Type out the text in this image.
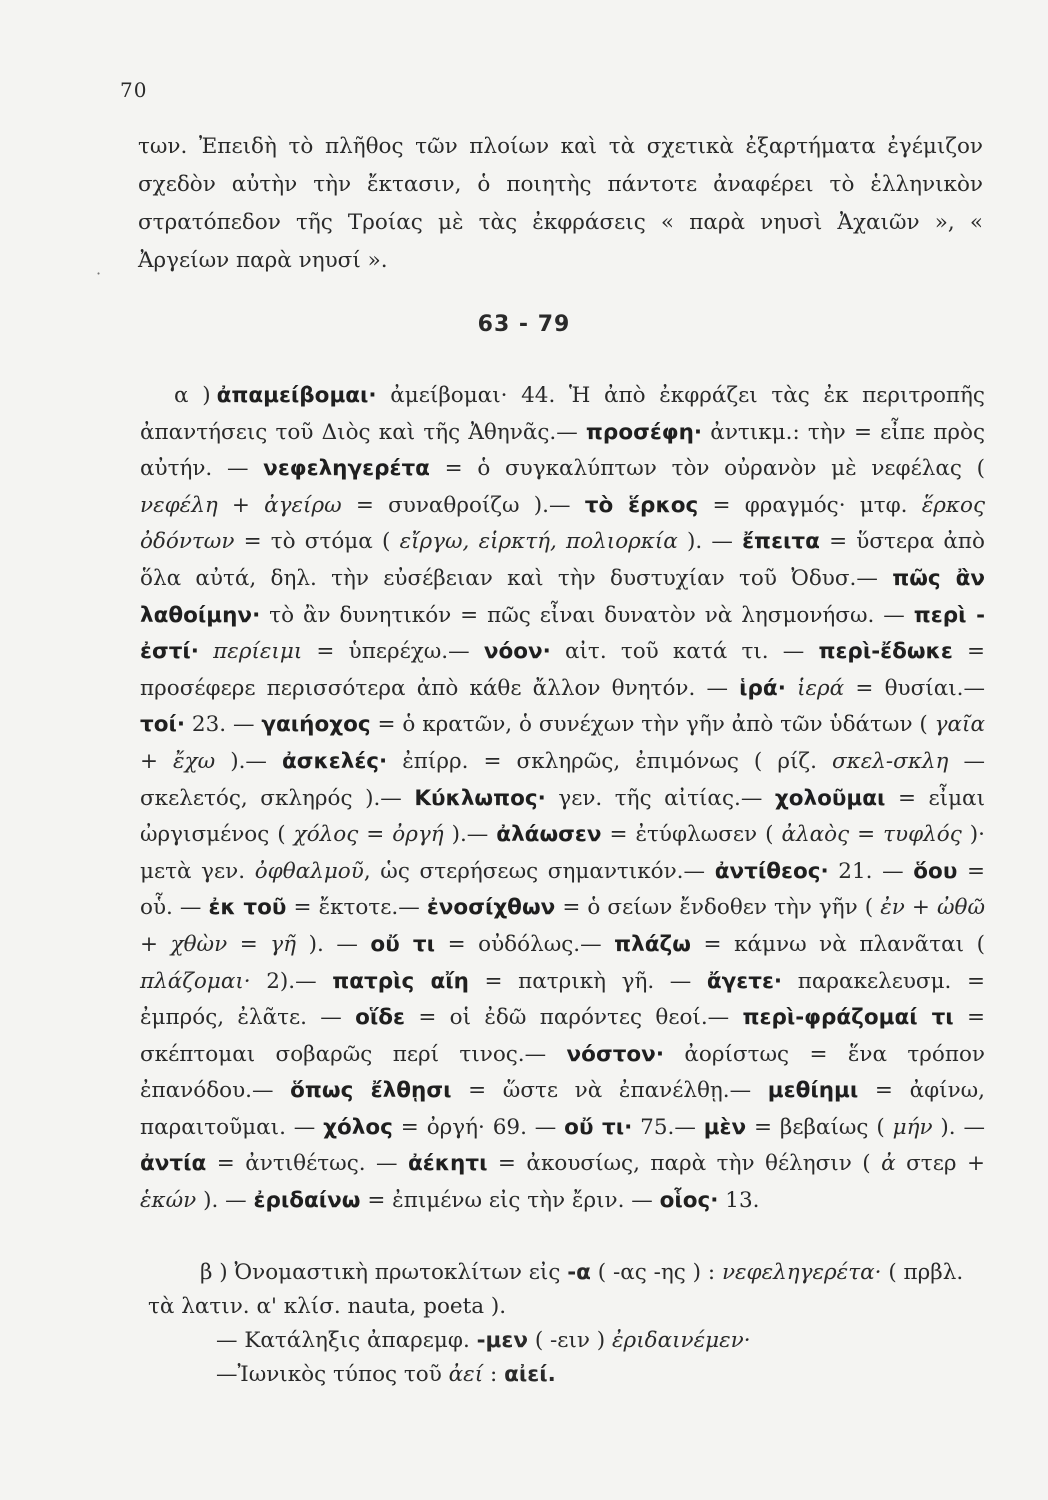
70
·

των. Ἐπειδὴ τὸ πλῆθος τῶν πλοίων καὶ τὰ σχετικὰ ἐξαρτήματα ἐγέμιζον σχεδὸν αὐτὴν τὴν ἔκτασιν, ὁ ποιητὴς πάντοτε ἀναφέρει τὸ ἑλληνικὸν στρατόπεδον τῆς Τροίας μὲ τὰς ἐκφράσεις « παρὰ νηυσὶ Ἀχαιῶν », « Ἀργείων παρὰ νηυσί ».

63 - 79

α ) ἀπαμείβομαι· ἀμείβομαι· 44. Ἡ ἀπὸ ἐκφράζει τὰς ἐκ περιτροπῆς ἀπαντήσεις τοῦ Διὸς καὶ τῆς Ἀθηνᾶς.— προσέφη· ἀντικμ.: τὴν = εἶπε πρὸς αὐτήν. — νεφεληγερέτα = ὁ συγκαλύπτων τὸν οὐρανὸν μὲ νεφέλας ( νεφέλη + ἀγείρω = συναθροίζω ).— τὸ ἕρκος = φραγμός· μτφ. ἕρκος ὀδόντων = τὸ στόμα ( εἴργω, εἱρκτή, πολιορκία ). — ἔπειτα = ὕστερα ἀπὸ ὅλα αὐτά, δηλ. τὴν εὐσέβειαν καὶ τὴν δυστυχίαν τοῦ Ὀδυσ.— πῶς ἂν λαθοίμην· τὸ ἂν δυνητικόν = πῶς εἶναι δυνατὸν νὰ λησμονήσω. — περὶ - ἐστί· περίειμι = ὑπερέχω.— νόον· αἰτ. τοῦ κατά τι. — περὶ-ἔδωκε = προσέφερε περισσότερα ἀπὸ κάθε ἄλλον θνητόν. — ἱρά· ἱερά = θυσίαι.— τοί· 23. — γαιήοχος = ὁ κρατῶν, ὁ συνέχων τὴν γῆν ἀπὸ τῶν ὑδάτων ( γαῖα + ἔχω ).— ἀσκελές· ἐπίρρ. = σκληρῶς, ἐπιμόνως ( ρίζ. σκελ-σκλη — σκελετός, σκληρός ).— Κύκλωπος· γεν. τῆς αἰτίας.— χολοῦμαι = εἶμαι ὠργισμένος ( χόλος = ὀργή ).— ἀλάωσεν = ἐτύφλωσεν ( ἀλαὸς = τυφλός )· μετὰ γεν. ὀφθαλμοῦ, ὡς στερήσεως σημαντικόν.— ἀντίθεος· 21. — ὅου = οὗ. — ἐκ τοῦ = ἔκτοτε.— ἐνοσίχθων = ὁ σείων ἔνδοθεν τὴν γῆν ( ἐν + ὠθῶ + χθὼν = γῆ ). — οὔ τι = οὐδόλως.— πλάζω = κάμνω νὰ πλανᾶται ( πλάζομαι· 2).— πατρὶς αἴη = πατρικὴ γῆ. — ἄγετε· παρακελευσμ. = ἐμπρός, ἐλᾶτε. — οἵδε = οἱ ἐδῶ παρόντες θεοί.— περὶ-φράζομαί τι = σκέπτομαι σοβαρῶς περί τινος.— νόστον· ἀορίστως = ἕνα τρόπον ἐπανόδου.— ὅπως ἔλθῃσι = ὥστε νὰ ἐπανέλθῃ.— μεθίημι = ἀφίνω, παραιτοῦμαι. — χόλος = ὀργή· 69. — οὔ τι· 75.— μὲν = βεβαίως ( μήν ). — ἀντία = ἀντιθέτως. — ἀέκητι = ἀκουσίως, παρὰ τὴν θέλησιν ( ἀ στερ + ἑκών ). — ἐριδαίνω = ἐπιμένω εἰς τὴν ἔριν. — οἷος· 13.

β ) Ὀνομαστικὴ πρωτοκλίτων εἰς -α ( -ας -ης ) : νεφεληγερέτα· ( πρβλ. τὰ λατιν. α' κλίσ. nauta, poeta ).

— Κατάληξις ἀπαρεμφ. -μεν ( -ειν ) ἐριδαινέμεν·

—Ἰωνικὸς τύπος τοῦ ἀεί : αἰεί.
